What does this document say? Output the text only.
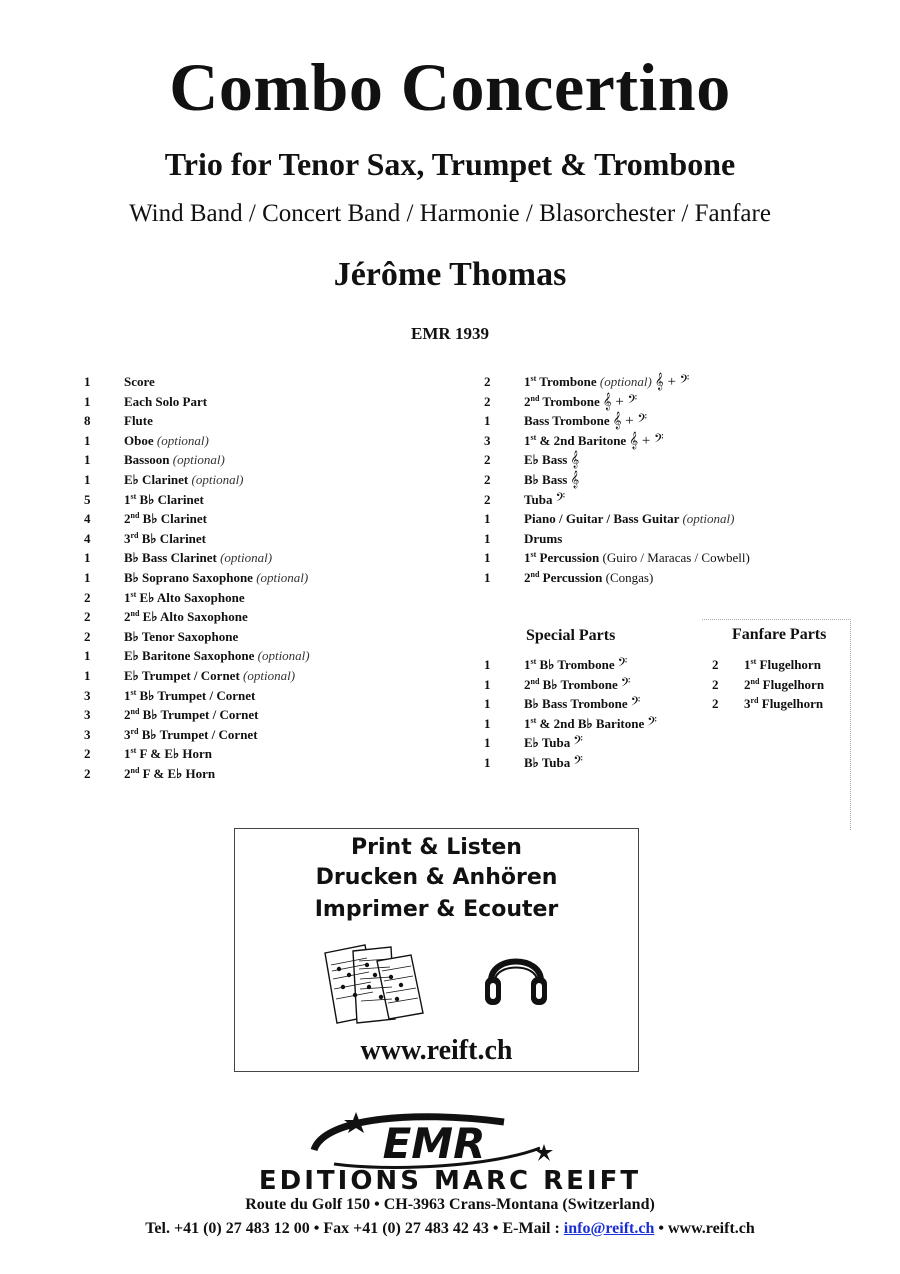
Combo Concertino
Trio for Tenor Sax, Trumpet & Trombone
Wind Band / Concert Band / Harmonie / Blasorchester / Fanfare
Jérôme Thomas
EMR 1939
1	Score
1	Each Solo Part
8	Flute
1	Oboe (optional)
1	Bassoon (optional)
1	E♭ Clarinet (optional)
5	1st B♭ Clarinet
4	2nd B♭ Clarinet
4	3rd B♭ Clarinet
1	B♭ Bass Clarinet (optional)
1	B♭ Soprano Saxophone (optional)
2	1st E♭ Alto Saxophone
2	2nd E♭ Alto Saxophone
2	B♭ Tenor Saxophone
1	E♭ Baritone Saxophone (optional)
1	E♭ Trumpet / Cornet (optional)
3	1st B♭ Trumpet / Cornet
3	2nd B♭ Trumpet / Cornet
3	3rd B♭ Trumpet / Cornet
2	1st F & E♭ Horn
2	2nd F & E♭ Horn
2	1st Trombone (optional) 𝄞 + 𝄢
2	2nd Trombone 𝄞 + 𝄢
1	Bass Trombone 𝄞 + 𝄢
3	1st & 2nd Baritone 𝄞 + 𝄢
2	E♭ Bass 𝄞
2	B♭ Bass 𝄞
2	Tuba 𝄢
1	Piano / Guitar / Bass Guitar (optional)
1	Drums
1	1st Percussion (Guiro / Maracas / Cowbell)
1	2nd Percussion (Congas)
Special Parts
1	1st B♭ Trombone 𝄢
1	2nd B♭ Trombone 𝄢
1	B♭ Bass Trombone 𝄢
1	1st & 2nd B♭ Baritone 𝄢
1	E♭ Tuba 𝄢
1	B♭ Tuba 𝄢
Fanfare Parts
2	1st Flugelhorn
2	2nd Flugelhorn
2	3rd Flugelhorn
Print & Listen
Drucken & Anhören
Imprimer & Ecouter
www.reift.ch
EMR
EDITIONS MARC REIFT
Route du Golf 150 • CH-3963 Crans-Montana (Switzerland)
Tel. +41 (0) 27 483 12 00 • Fax +41 (0) 27 483 42 43 • E-Mail : info@reift.ch • www.reift.ch
